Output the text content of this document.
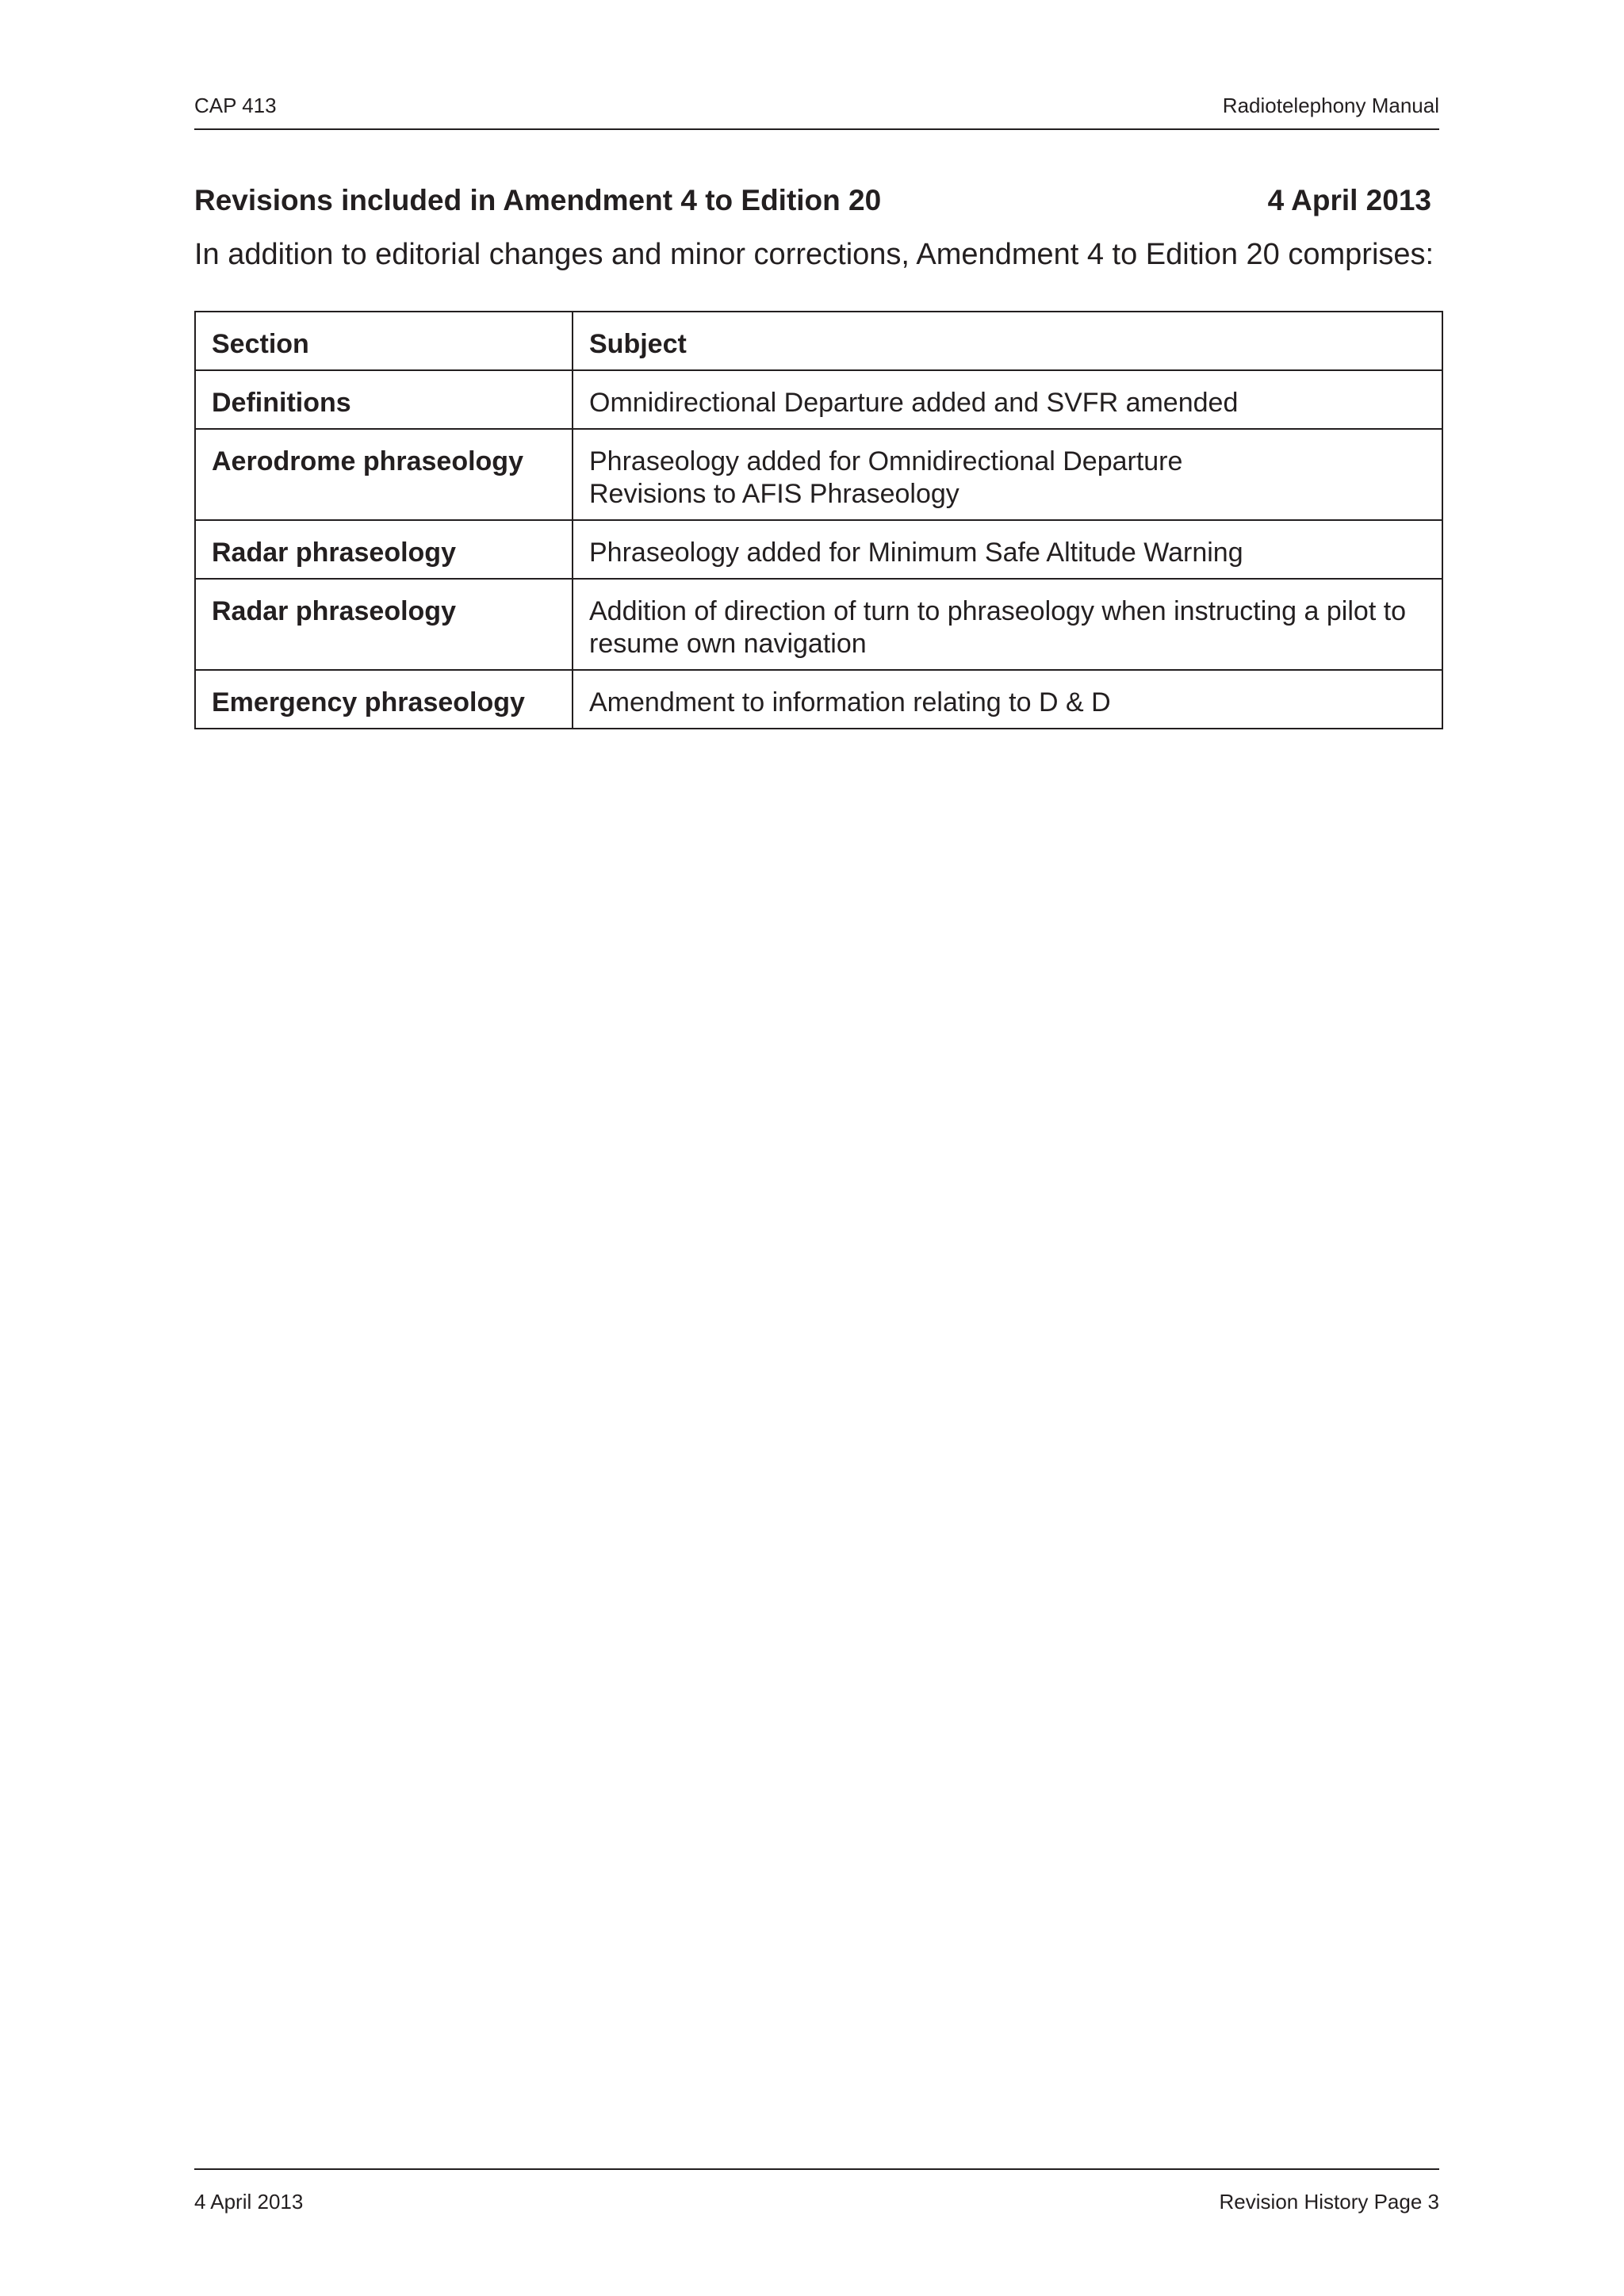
CAP 413	Radiotelephony Manual
Revisions included in Amendment 4 to Edition 20	4 April 2013
In addition to editorial changes and minor corrections, Amendment 4 to Edition 20 comprises:
Section	Subject
Definitions	Omnidirectional Departure added and SVFR amended

Aerodrome phraseology	Phraseology added for Omnidirectional Departure
Revisions to AFIS Phraseology

Radar phraseology	Phraseology added for Minimum Safe Altitude Warning

Radar phraseology	Addition of direction of turn to phraseology when instructing a pilot to resume own navigation

Emergency phraseology	Amendment to information relating to D & D
4 April 2013	Revision History Page 3
